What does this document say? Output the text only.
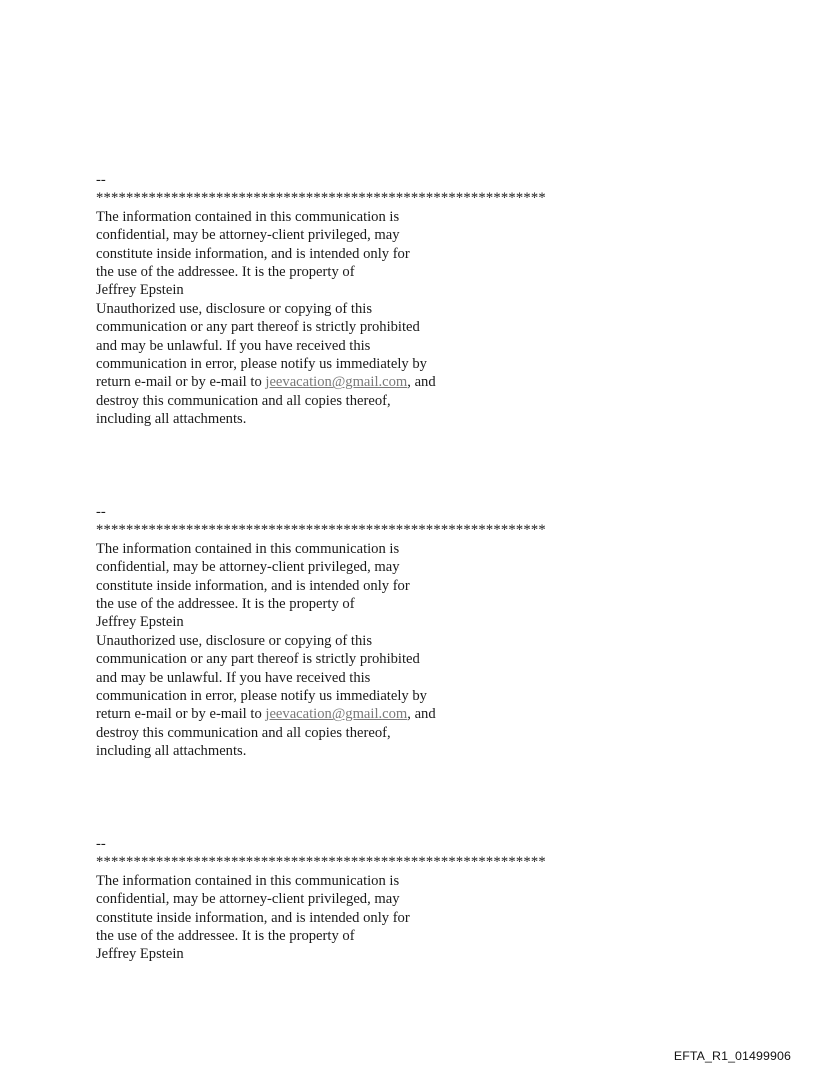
--
************************************************************
The information contained in this communication is
confidential, may be attorney-client privileged, may
constitute inside information, and is intended only for
the use of the addressee. It is the property of
Jeffrey Epstein
Unauthorized use, disclosure or copying of this
communication or any part thereof is strictly prohibited
and may be unlawful. If you have received this
communication in error, please notify us immediately by
return e-mail or by e-mail to jeevacation@gmail.com, and
destroy this communication and all copies thereof,
including all attachments.
--
************************************************************
The information contained in this communication is
confidential, may be attorney-client privileged, may
constitute inside information, and is intended only for
the use of the addressee. It is the property of
Jeffrey Epstein
Unauthorized use, disclosure or copying of this
communication or any part thereof is strictly prohibited
and may be unlawful. If you have received this
communication in error, please notify us immediately by
return e-mail or by e-mail to jeevacation@gmail.com, and
destroy this communication and all copies thereof,
including all attachments.
--
************************************************************
The information contained in this communication is
confidential, may be attorney-client privileged, may
constitute inside information, and is intended only for
the use of the addressee. It is the property of
Jeffrey Epstein
EFTA_R1_01499906
